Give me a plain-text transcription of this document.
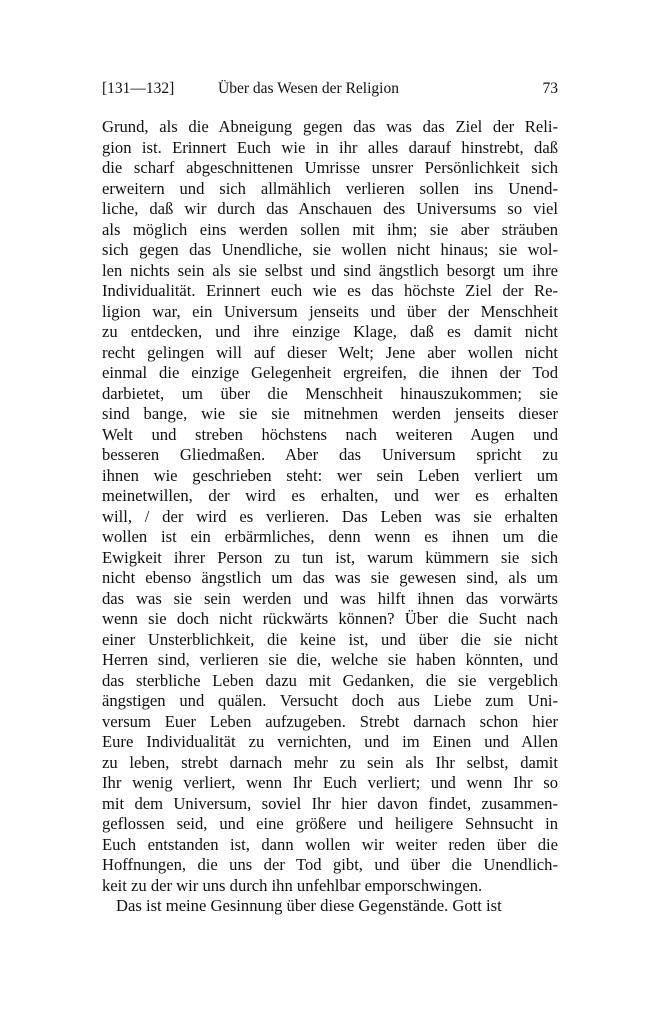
[131—132]	Über das Wesen der Religion	73
Grund, als die Abneigung gegen das was das Ziel der Reli-
gion ist. Erinnert Euch wie in ihr alles darauf hinstrebt, daß
die scharf abgeschnittenen Umrisse unsrer Persönlichkeit sich
erweitern und sich allmählich verlieren sollen ins Unend-
liche, daß wir durch das Anschauen des Universums so viel
als möglich eins werden sollen mit ihm; sie aber sträuben
sich gegen das Unendliche, sie wollen nicht hinaus; sie wol-
len nichts sein als sie selbst und sind ängstlich besorgt um ihre
Individualität. Erinnert euch wie es das höchste Ziel der Re-
ligion war, ein Universum jenseits und über der Menschheit
zu entdecken, und ihre einzige Klage, daß es damit nicht
recht gelingen will auf dieser Welt; Jene aber wollen nicht
einmal die einzige Gelegenheit ergreifen, die ihnen der Tod
darbietet, um über die Menschheit hinauszukommen; sie
sind bange, wie sie sie mitnehmen werden jenseits dieser
Welt und streben höchstens nach weiteren Augen und
besseren Gliedmaßen. Aber das Universum spricht zu
ihnen wie geschrieben steht: wer sein Leben verliert um
meinetwillen, der wird es erhalten, und wer es erhalten
will, / der wird es verlieren. Das Leben was sie erhalten
wollen ist ein erbärmliches, denn wenn es ihnen um die
Ewigkeit ihrer Person zu tun ist, warum kümmern sie sich
nicht ebenso ängstlich um das was sie gewesen sind, als um
das was sie sein werden und was hilft ihnen das vorwärts
wenn sie doch nicht rückwärts können? Über die Sucht nach
einer Unsterblichkeit, die keine ist, und über die sie nicht
Herren sind, verlieren sie die, welche sie haben könnten, und
das sterbliche Leben dazu mit Gedanken, die sie vergeblich
ängstigen und quälen. Versucht doch aus Liebe zum Uni-
versum Euer Leben aufzugeben. Strebt darnach schon hier
Eure Individualität zu vernichten, und im Einen und Allen
zu leben, strebt darnach mehr zu sein als Ihr selbst, damit
Ihr wenig verliert, wenn Ihr Euch verliert; und wenn Ihr so
mit dem Universum, soviel Ihr hier davon findet, zusammen-
geflossen seid, und eine größere und heiligere Sehnsucht in
Euch entstanden ist, dann wollen wir weiter reden über die
Hoffnungen, die uns der Tod gibt, und über die Unendlich-
keit zu der wir uns durch ihn unfehlbar emporschwingen.
Das ist meine Gesinnung über diese Gegenstände. Gott ist
